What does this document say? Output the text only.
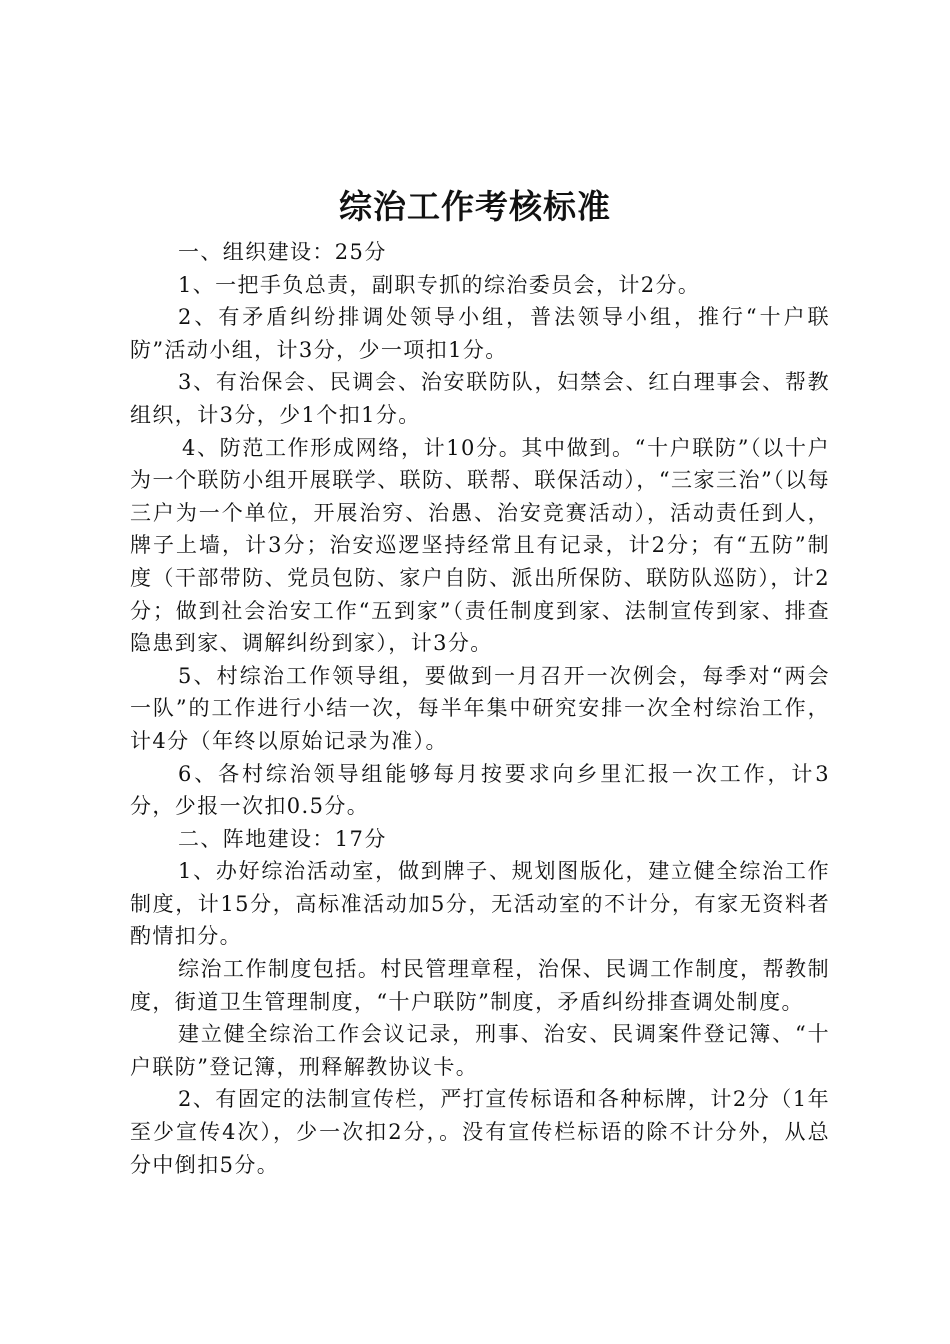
综治工作考核标准

一、组织建设：25分

1、一把手负总责，副职专抓的综治委员会，计2分。

2、有矛盾纠纷排调处领导小组，普法领导小组，推行“十户联防”活动小组，计3分，少一项扣1分。

3、有治保会、民调会、治安联防队，妇禁会、红白理事会、帮教组织，计3分，少1个扣1分。

4、防范工作形成网络，计10分。其中做到。“十户联防”（以十户为一个联防小组开展联学、联防、联帮、联保活动），“三家三治”（以每三户为一个单位，开展治穷、治愚、治安竞赛活动），活动责任到人，牌子上墙，计3分；治安巡逻坚持经常且有记录，计2分；有“五防”制度（干部带防、党员包防、家户自防、派出所保防、联防队巡防），计2分；做到社会治安工作“五到家”（责任制度到家、法制宣传到家、排查隐患到家、调解纠纷到家），计3分。

5、村综治工作领导组，要做到一月召开一次例会，每季对“两会一队”的工作进行小结一次，每半年集中研究安排一次全村综治工作，计4分（年终以原始记录为准）。

6、各村综治领导组能够每月按要求向乡里汇报一次工作，计3分，少报一次扣0.5分。

二、阵地建设：17分

1、办好综治活动室，做到牌子、规划图版化，建立健全综治工作制度，计15分，高标准活动加5分，无活动室的不计分，有家无资料者酌情扣分。

综治工作制度包括。村民管理章程，治保、民调工作制度，帮教制度，街道卫生管理制度，“十户联防”制度，矛盾纠纷排查调处制度。

建立健全综治工作会议记录，刑事、治安、民调案件登记簿、“十户联防”登记簿，刑释解教协议卡。

2、有固定的法制宣传栏，严打宣传标语和各种标牌，计2分（1年至少宣传4次），少一次扣2分，。没有宣传栏标语的除不计分外，从总分中倒扣5分。
